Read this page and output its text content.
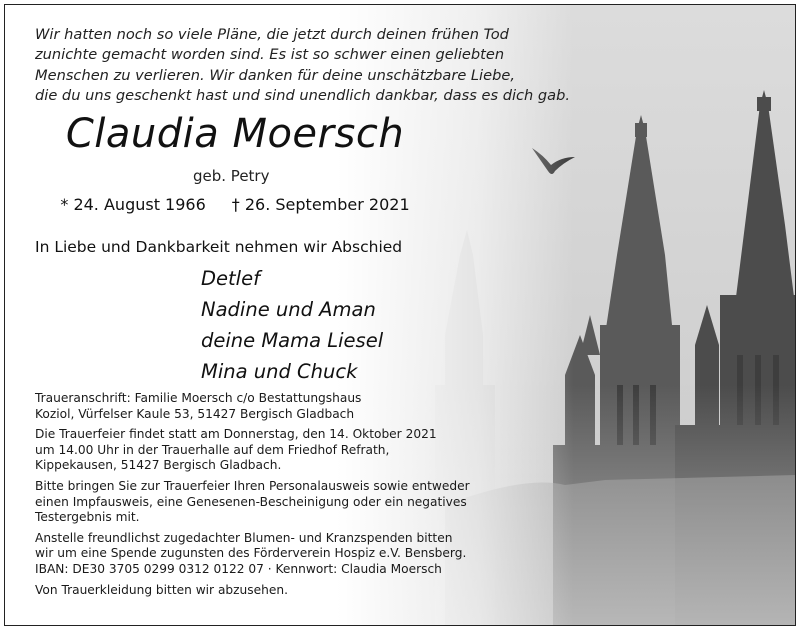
Wir hatten noch so viele Pläne, die jetzt durch deinen frühen Tod
zunichte gemacht worden sind. Es ist so schwer einen geliebten
Menschen zu verlieren. Wir danken für deine unschätzbare Liebe,
die du uns geschenkt hast und sind unendlich dankbar, dass es dich gab.
Claudia Moersch
geb. Petry
* 24. August 1966 † 26. September 2021
In Liebe und Dankbarkeit nehmen wir Abschied
Detlef
Nadine und Aman
deine Mama Liesel
Mina und Chuck
Traueranschrift: Familie Moersch c/o Bestattungshaus
Koziol, Vürfelser Kaule 53, 51427 Bergisch Gladbach
Die Trauerfeier findet statt am Donnerstag, den 14. Oktober 2021
um 14.00 Uhr in der Trauerhalle auf dem Friedhof Refrath,
Kippekausen, 51427 Bergisch Gladbach.
Bitte bringen Sie zur Trauerfeier Ihren Personalausweis sowie entweder
einen Impfausweis, eine Genesenen-Bescheinigung oder ein negatives
Testergebnis mit.
Anstelle freundlichst zugedachter Blumen- und Kranzspenden bitten
wir um eine Spende zugunsten des Förderverein Hospiz e.V. Bensberg.
IBAN: DE30 3705 0299 0312 0122 07 · Kennwort: Claudia Moersch
Von Trauerkleidung bitten wir abzusehen.
